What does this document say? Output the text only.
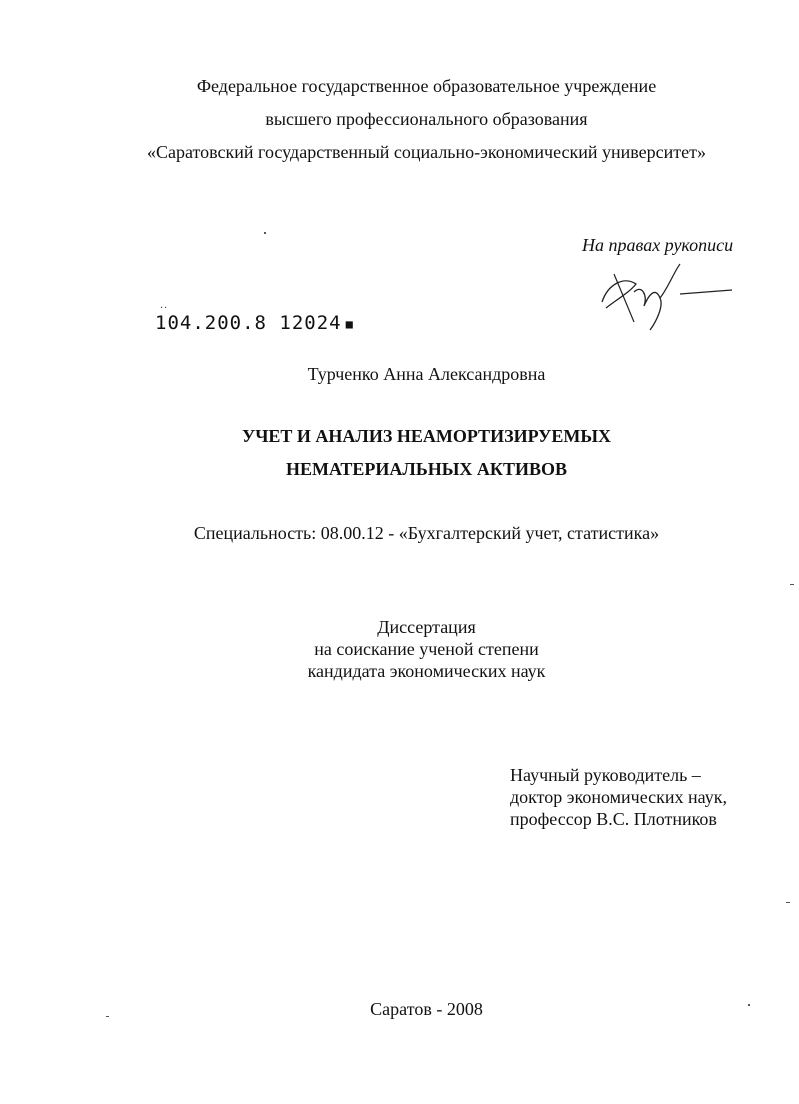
Федеральное государственное образовательное учреждение
высшего профессионального образования
«Саратовский государственный социально-экономический университет»
На правах рукописи
..
104.200.8 12024 ■
Турченко Анна Александровна
УЧЕТ И АНАЛИЗ НЕАМОРТИЗИРУЕМЫХ
НЕМАТЕРИАЛЬНЫХ АКТИВОВ
Специальность: 08.00.12 - «Бухгалтерский учет, статистика»
Диссертация
на соискание ученой степени
кандидата экономических наук
Научный руководитель –
доктор экономических наук,
профессор В.С. Плотников
Саратов - 2008
